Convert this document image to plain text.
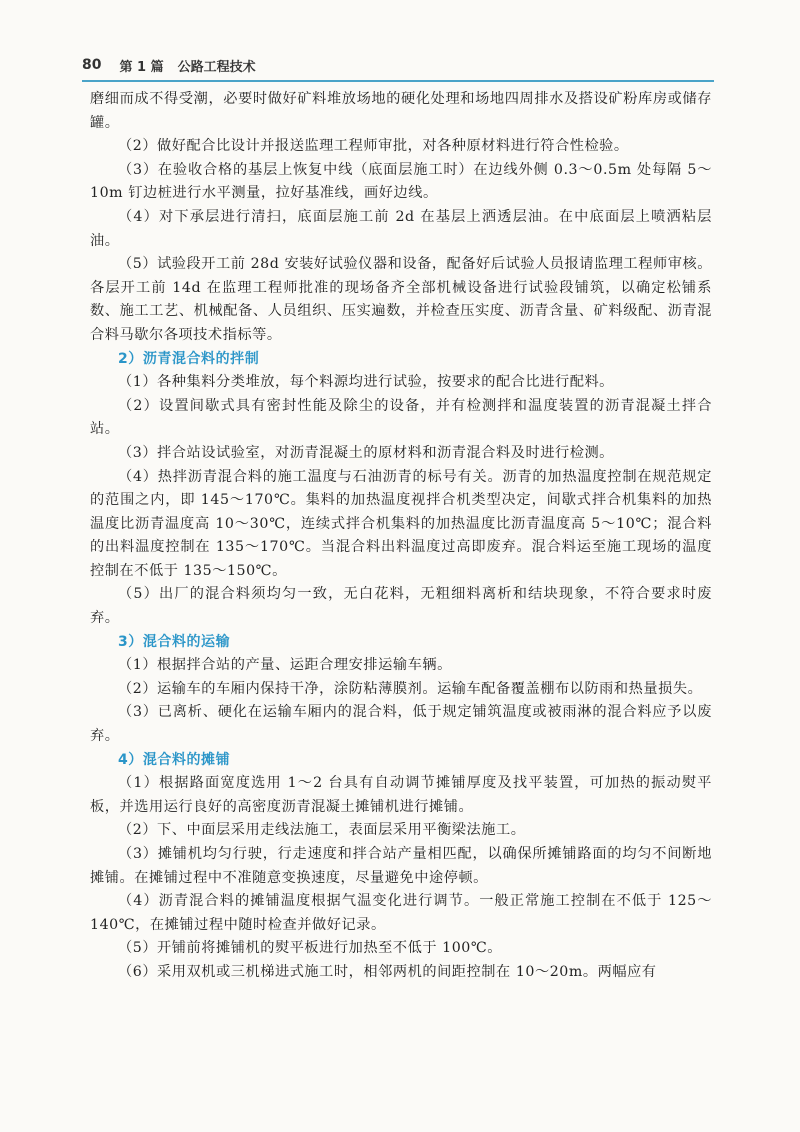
80 第 1 篇 公路工程技术

磨细而成不得受潮，必要时做好矿料堆放场地的硬化处理和场地四周排水及搭设矿粉库房或储存罐。

（2）做好配合比设计并报送监理工程师审批，对各种原材料进行符合性检验。

（3）在验收合格的基层上恢复中线（底面层施工时）在边线外侧 0.3～0.5m 处每隔 5～10m 钉边桩进行水平测量，拉好基准线，画好边线。

（4）对下承层进行清扫，底面层施工前 2d 在基层上洒透层油。在中底面层上喷洒粘层油。

（5）试验段开工前 28d 安装好试验仪器和设备，配备好后试验人员报请监理工程师审核。各层开工前 14d 在监理工程师批准的现场备齐全部机械设备进行试验段铺筑，以确定松铺系数、施工工艺、机械配备、人员组织、压实遍数，并检查压实度、沥青含量、矿料级配、沥青混合料马歇尔各项技术指标等。

2）沥青混合料的拌制

（1）各种集料分类堆放，每个料源均进行试验，按要求的配合比进行配料。

（2）设置间歇式具有密封性能及除尘的设备，并有检测拌和温度装置的沥青混凝土拌合站。

（3）拌合站设试验室，对沥青混凝土的原材料和沥青混合料及时进行检测。

（4）热拌沥青混合料的施工温度与石油沥青的标号有关。沥青的加热温度控制在规范规定的范围之内，即 145～170℃。集料的加热温度视拌合机类型决定，间歇式拌合机集料的加热温度比沥青温度高 10～30℃，连续式拌合机集料的加热温度比沥青温度高 5～10℃；混合料的出料温度控制在 135～170℃。当混合料出料温度过高即废弃。混合料运至施工现场的温度控制在不低于 135～150℃。

（5）出厂的混合料须均匀一致，无白花料，无粗细料离析和结块现象，不符合要求时废弃。

3）混合料的运输

（1）根据拌合站的产量、运距合理安排运输车辆。

（2）运输车的车厢内保持干净，涂防粘薄膜剂。运输车配备覆盖棚布以防雨和热量损失。

（3）已离析、硬化在运输车厢内的混合料，低于规定铺筑温度或被雨淋的混合料应予以废弃。

4）混合料的摊铺

（1）根据路面宽度选用 1～2 台具有自动调节摊铺厚度及找平装置，可加热的振动熨平板，并选用运行良好的高密度沥青混凝土摊铺机进行摊铺。

（2）下、中面层采用走线法施工，表面层采用平衡梁法施工。

（3）摊铺机均匀行驶，行走速度和拌合站产量相匹配，以确保所摊铺路面的均匀不间断地摊铺。在摊铺过程中不准随意变换速度，尽量避免中途停顿。

（4）沥青混合料的摊铺温度根据气温变化进行调节。一般正常施工控制在不低于 125～140℃，在摊铺过程中随时检查并做好记录。

（5）开铺前将摊铺机的熨平板进行加热至不低于 100℃。

（6）采用双机或三机梯进式施工时，相邻两机的间距控制在 10～20m。两幅应有
